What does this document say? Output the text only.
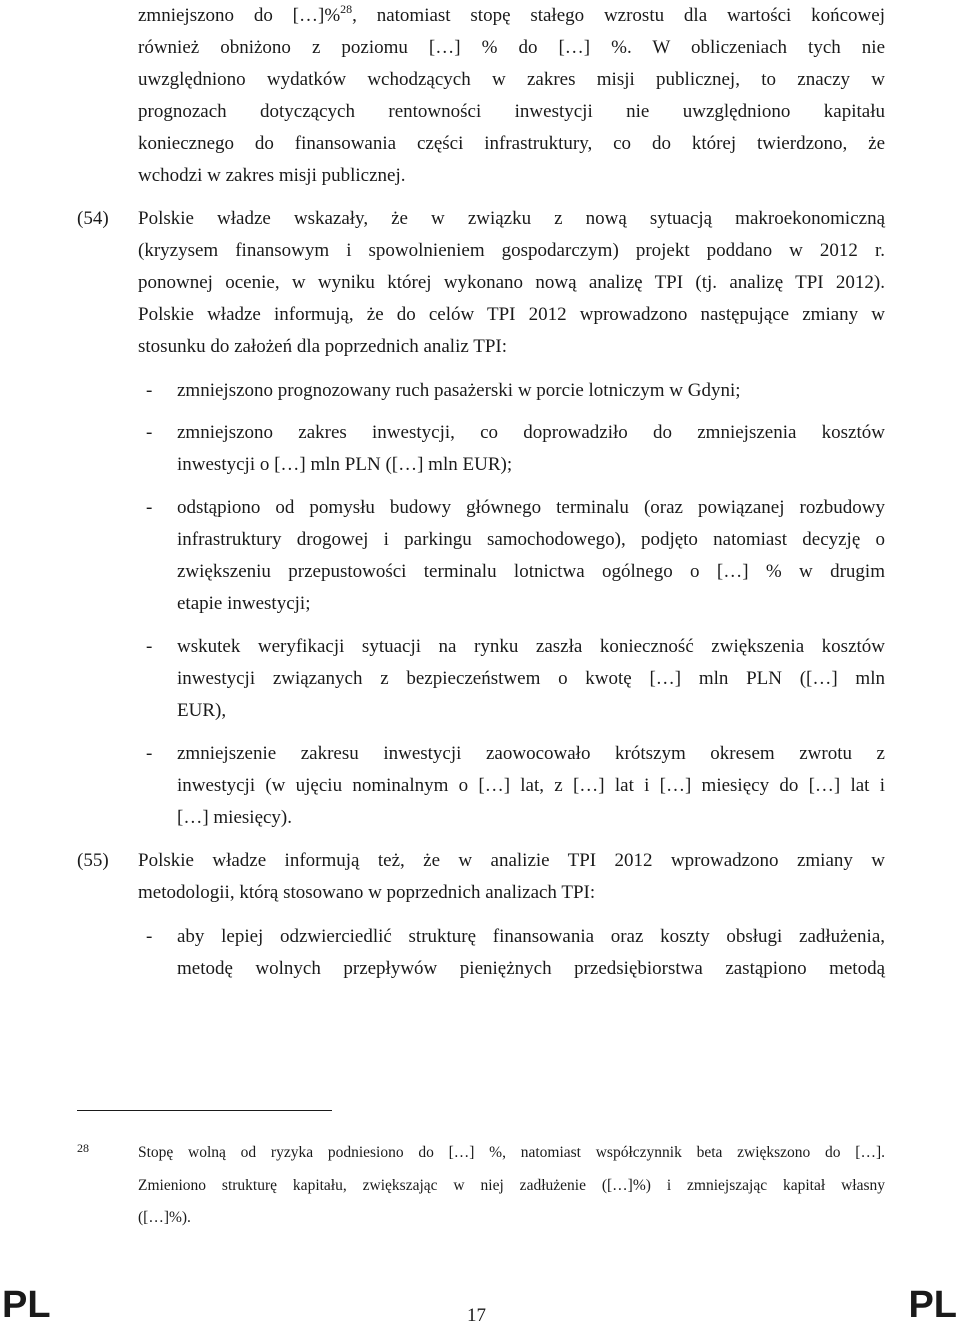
zmniejszono do […]%$^{28}$, natomiast stopę stałego wzrostu dla wartości końcowej
również obniżono z poziomu […] % do […] %. W obliczeniach tych nie
uwzględniono wydatków wchodzących w zakres misji publicznej, to znaczy w
prognozach dotyczących rentowności inwestycji nie uwzględniono kapitału
koniecznego do finansowania części infrastruktury, co do której twierdzono, że
wchodzi w zakres misji publicznej.
(54) Polskie władze wskazały, że w związku z nową sytuacją makroekonomiczną
(kryzysem finansowym i spowolnieniem gospodarczym) projekt poddano w 2012 r.
ponownej ocenie, w wyniku której wykonano nową analizę TPI (tj. analizę TPI 2012).
Polskie władze informują, że do celów TPI 2012 wprowadzono następujące zmiany w
stosunku do założeń dla poprzednich analiz TPI:
- zmniejszono prognozowany ruch pasażerski w porcie lotniczym w Gdyni;
- zmniejszono zakres inwestycji, co doprowadziło do zmniejszenia kosztów
inwestycji o […] mln PLN ([…] mln EUR);
- odstąpiono od pomysłu budowy głównego terminalu (oraz powiązanej rozbudowy
infrastruktury drogowej i parkingu samochodowego), podjęto natomiast decyzję o
zwiększeniu przepustowości terminalu lotnictwa ogólnego o […] % w drugim
etapie inwestycji;
- wskutek weryfikacji sytuacji na rynku zaszła konieczność zwiększenia kosztów
inwestycji związanych z bezpieczeństwem o kwotę […] mln PLN ([…] mln
EUR),
- zmniejszenie zakresu inwestycji zaowocowało krótszym okresem zwrotu z
inwestycji (w ujęciu nominalnym o […] lat, z […] lat i […] miesięcy do […] lat i
[…] miesięcy).
(55) Polskie władze informują też, że w analizie TPI 2012 wprowadzono zmiany w
metodologii, którą stosowano w poprzednich analizach TPI:
- aby lepiej odzwierciedlić strukturę finansowania oraz koszty obsługi zadłużenia,
metodę wolnych przepływów pieniężnych przedsiębiorstwa zastąpiono metodą
28	Stopę wolną od ryzyka podniesiono do […] %, natomiast współczynnik beta zwiększono do […].
Zmieniono strukturę kapitału, zwiększając w niej zadłużenie ([…]%) i zmniejszając kapitał własny
([…]%).
PL	17	PL
